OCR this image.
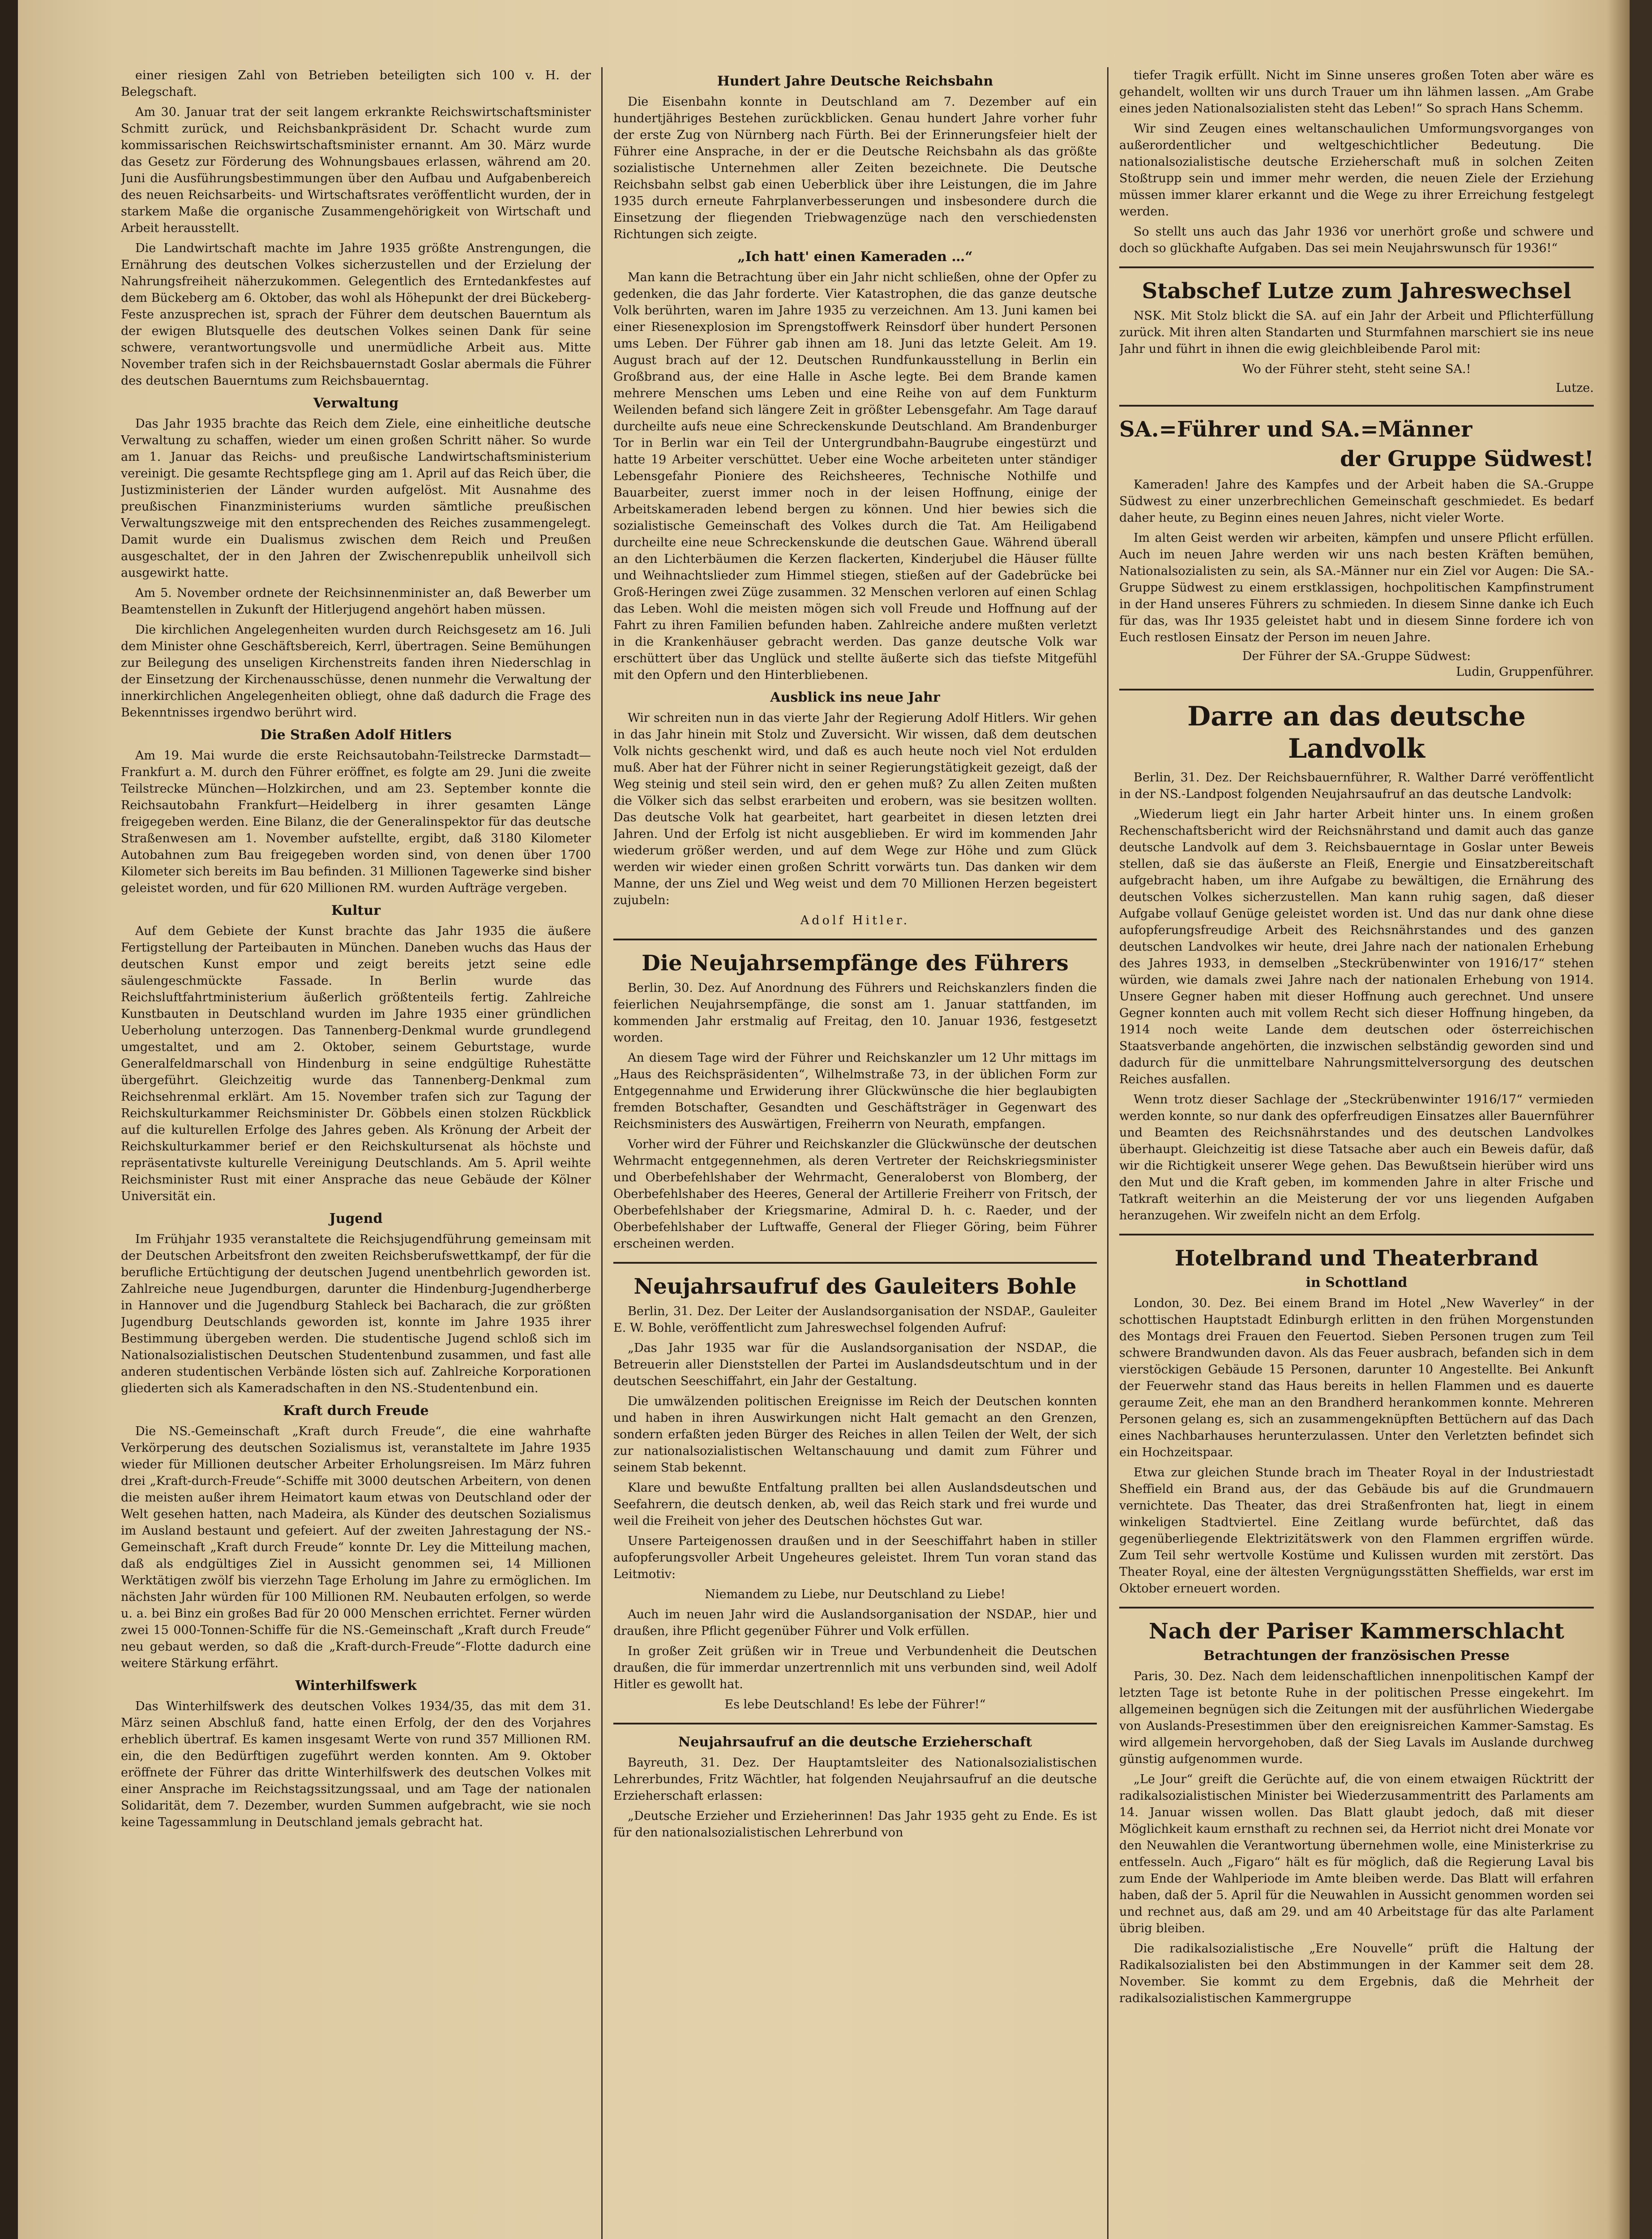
einer riesigen Zahl von Betrieben beteiligten sich 100 v. H. der Belegschaft.

Am 30. Januar trat der seit langem erkrankte Reichswirtschaftsminister Schmitt zurück, und Reichsbankpräsident Dr. Schacht wurde zum kommissarischen Reichswirtschaftsminister ernannt. Am 30. März wurde das Gesetz zur Förderung des Wohnungsbaues erlassen, während am 20. Juni die Ausführungsbestimmungen über den Aufbau und Aufgabenbereich des neuen Reichsarbeits- und Wirtschaftsrates veröffentlicht wurden, der in starkem Maße die organische Zusammengehörigkeit von Wirtschaft und Arbeit herausstellt.

Die Landwirtschaft machte im Jahre 1935 größte Anstrengungen, die Ernährung des deutschen Volkes sicherzustellen und der Erzielung der Nahrungsfreiheit näherzukommen. Gelegentlich des Erntedankfestes auf dem Bückeberg am 6. Oktober, das wohl als Höhepunkt der drei Bückeberg-Feste anzusprechen ist, sprach der Führer dem deutschen Bauerntum als der ewigen Blutsquelle des deutschen Volkes seinen Dank für seine schwere, verantwortungsvolle und unermüdliche Arbeit aus. Mitte November trafen sich in der Reichsbauernstadt Goslar abermals die Führer des deutschen Bauerntums zum Reichsbauerntag.

Verwaltung

Das Jahr 1935 brachte das Reich dem Ziele, eine einheitliche deutsche Verwaltung zu schaffen, wieder um einen großen Schritt näher. So wurde am 1. Januar das Reichs- und preußische Landwirtschaftsministerium vereinigt. Die gesamte Rechtspflege ging am 1. April auf das Reich über, die Justizministerien der Länder wurden aufgelöst. Mit Ausnahme des preußischen Finanzministeriums wurden sämtliche preußischen Verwaltungszweige mit den entsprechenden des Reiches zusammengelegt. Damit wurde ein Dualismus zwischen dem Reich und Preußen ausgeschaltet, der in den Jahren der Zwischenrepublik unheilvoll sich ausgewirkt hatte.

Am 5. November ordnete der Reichsinnenminister an, daß Bewerber um Beamtenstellen in Zukunft der Hitlerjugend angehört haben müssen.

Die kirchlichen Angelegenheiten wurden durch Reichsgesetz am 16. Juli dem Minister ohne Geschäftsbereich, Kerrl, übertragen. Seine Bemühungen zur Beilegung des unseligen Kirchenstreits fanden ihren Niederschlag in der Einsetzung der Kirchenausschüsse, denen nunmehr die Verwaltung der innerkirchlichen Angelegenheiten obliegt, ohne daß dadurch die Frage des Bekenntnisses irgendwo berührt wird.

Die Straßen Adolf Hitlers

Am 19. Mai wurde die erste Reichsautobahn-Teilstrecke Darmstadt—Frankfurt a. M. durch den Führer eröffnet, es folgte am 29. Juni die zweite Teilstrecke München—Holzkirchen, und am 23. September konnte die Reichsautobahn Frankfurt—Heidelberg in ihrer gesamten Länge freigegeben werden. Eine Bilanz, die der Generalinspektor für das deutsche Straßenwesen am 1. November aufstellte, ergibt, daß 3180 Kilometer Autobahnen zum Bau freigegeben worden sind, von denen über 1700 Kilometer sich bereits im Bau befinden. 31 Millionen Tagewerke sind bisher geleistet worden, und für 620 Millionen RM. wurden Aufträge vergeben.

Kultur

Auf dem Gebiete der Kunst brachte das Jahr 1935 die äußere Fertigstellung der Parteibauten in München. Daneben wuchs das Haus der deutschen Kunst empor und zeigt bereits jetzt seine edle säulengeschmückte Fassade. In Berlin wurde das Reichsluftfahrtministerium äußerlich größtenteils fertig. Zahlreiche Kunstbauten in Deutschland wurden im Jahre 1935 einer gründlichen Ueberholung unterzogen. Das Tannenberg-Denkmal wurde grundlegend umgestaltet, und am 2. Oktober, seinem Geburtstage, wurde Generalfeldmarschall von Hindenburg in seine endgültige Ruhestätte übergeführt. Gleichzeitig wurde das Tannenberg-Denkmal zum Reichsehrenmal erklärt. Am 15. November trafen sich zur Tagung der Reichskulturkammer Reichsminister Dr. Göbbels einen stolzen Rückblick auf die kulturellen Erfolge des Jahres geben. Als Krönung der Arbeit der Reichskulturkammer berief er den Reichskultursenat als höchste und repräsentativste kulturelle Vereinigung Deutschlands. Am 5. April weihte Reichsminister Rust mit einer Ansprache das neue Gebäude der Kölner Universität ein.

Jugend

Im Frühjahr 1935 veranstaltete die Reichsjugendführung gemeinsam mit der Deutschen Arbeitsfront den zweiten Reichsberufswettkampf, der für die berufliche Ertüchtigung der deutschen Jugend unentbehrlich geworden ist. Zahlreiche neue Jugendburgen, darunter die Hindenburg-Jugendherberge in Hannover und die Jugendburg Stahleck bei Bacharach, die zur größten Jugendburg Deutschlands geworden ist, konnte im Jahre 1935 ihrer Bestimmung übergeben werden. Die studentische Jugend schloß sich im Nationalsozialistischen Deutschen Studentenbund zusammen, und fast alle anderen studentischen Verbände lösten sich auf. Zahlreiche Korporationen gliederten sich als Kameradschaften in den NS.-Studentenbund ein.

Kraft durch Freude

Die NS.-Gemeinschaft „Kraft durch Freude“, die eine wahrhafte Verkörperung des deutschen Sozialismus ist, veranstaltete im Jahre 1935 wieder für Millionen deutscher Arbeiter Erholungsreisen. Im März fuhren drei „Kraft-durch-Freude“-Schiffe mit 3000 deutschen Arbeitern, von denen die meisten außer ihrem Heimatort kaum etwas von Deutschland oder der Welt gesehen hatten, nach Madeira, als Künder des deutschen Sozialismus im Ausland bestaunt und gefeiert. Auf der zweiten Jahrestagung der NS.-Gemeinschaft „Kraft durch Freude“ konnte Dr. Ley die Mitteilung machen, daß als endgültiges Ziel in Aussicht genommen sei, 14 Millionen Werktätigen zwölf bis vierzehn Tage Erholung im Jahre zu ermöglichen. Im nächsten Jahr würden für 100 Millionen RM. Neubauten erfolgen, so werde u. a. bei Binz ein großes Bad für 20 000 Menschen errichtet. Ferner würden zwei 15 000-Tonnen-Schiffe für die NS.-Gemeinschaft „Kraft durch Freude“ neu gebaut werden, so daß die „Kraft-durch-Freude“-Flotte dadurch eine weitere Stärkung erfährt.

Winterhilfswerk

Das Winterhilfswerk des deutschen Volkes 1934/35, das mit dem 31. März seinen Abschluß fand, hatte einen Erfolg, der den des Vorjahres erheblich übertraf. Es kamen insgesamt Werte von rund 357 Millionen RM. ein, die den Bedürftigen zugeführt werden konnten. Am 9. Oktober eröffnete der Führer das dritte Winterhilfswerk des deutschen Volkes mit einer Ansprache im Reichstagssitzungssaal, und am Tage der nationalen Solidarität, dem 7. Dezember, wurden Summen aufgebracht, wie sie noch keine Tagessammlung in Deutschland jemals gebracht hat.

Hundert Jahre Deutsche Reichsbahn

Die Eisenbahn konnte in Deutschland am 7. Dezember auf ein hundertjähriges Bestehen zurückblicken. Genau hundert Jahre vorher fuhr der erste Zug von Nürnberg nach Fürth. Bei der Erinnerungsfeier hielt der Führer eine Ansprache, in der er die Deutsche Reichsbahn als das größte sozialistische Unternehmen aller Zeiten bezeichnete. Die Deutsche Reichsbahn selbst gab einen Ueberblick über ihre Leistungen, die im Jahre 1935 durch erneute Fahrplanverbesserungen und insbesondere durch die Einsetzung der fliegenden Triebwagenzüge nach den verschiedensten Richtungen sich zeigte.

„Ich hatt' einen Kameraden …“

Man kann die Betrachtung über ein Jahr nicht schließen, ohne der Opfer zu gedenken, die das Jahr forderte. Vier Katastrophen, die das ganze deutsche Volk berührten, waren im Jahre 1935 zu verzeichnen. Am 13. Juni kamen bei einer Riesenexplosion im Sprengstoffwerk Reinsdorf über hundert Personen ums Leben. Der Führer gab ihnen am 18. Juni das letzte Geleit. Am 19. August brach auf der 12. Deutschen Rundfunkausstellung in Berlin ein Großbrand aus, der eine Halle in Asche legte. Bei dem Brande kamen mehrere Menschen ums Leben und eine Reihe von auf dem Funkturm Weilenden befand sich längere Zeit in größter Lebensgefahr. Am Tage darauf durcheilte aufs neue eine Schreckenskunde Deutschland. Am Brandenburger Tor in Berlin war ein Teil der Untergrundbahn-Baugrube eingestürzt und hatte 19 Arbeiter verschüttet. Ueber eine Woche arbeiteten unter ständiger Lebensgefahr Pioniere des Reichsheeres, Technische Nothilfe und Bauarbeiter, zuerst immer noch in der leisen Hoffnung, einige der Arbeitskameraden lebend bergen zu können. Und hier bewies sich die sozialistische Gemeinschaft des Volkes durch die Tat. Am Heiligabend durcheilte eine neue Schreckenskunde die deutschen Gaue. Während überall an den Lichterbäumen die Kerzen flackerten, Kinderjubel die Häuser füllte und Weihnachtslieder zum Himmel stiegen, stießen auf der Gadebrücke bei Groß-Heringen zwei Züge zusammen. 32 Menschen verloren auf einen Schlag das Leben. Wohl die meisten mögen sich voll Freude und Hoffnung auf der Fahrt zu ihren Familien befunden haben. Zahlreiche andere mußten verletzt in die Krankenhäuser gebracht werden. Das ganze deutsche Volk war erschüttert über das Unglück und stellte äußerte sich das tiefste Mitgefühl mit den Opfern und den Hinterbliebenen.

Ausblick ins neue Jahr

Wir schreiten nun in das vierte Jahr der Regierung Adolf Hitlers. Wir gehen in das Jahr hinein mit Stolz und Zuversicht. Wir wissen, daß dem deutschen Volk nichts geschenkt wird, und daß es auch heute noch viel Not erdulden muß. Aber hat der Führer nicht in seiner Regierungstätigkeit gezeigt, daß der Weg steinig und steil sein wird, den er gehen muß? Zu allen Zeiten mußten die Völker sich das selbst erarbeiten und erobern, was sie besitzen wollten. Das deutsche Volk hat gearbeitet, hart gearbeitet in diesen letzten drei Jahren. Und der Erfolg ist nicht ausgeblieben. Er wird im kommenden Jahr wiederum größer werden, und auf dem Wege zur Höhe und zum Glück werden wir wieder einen großen Schritt vorwärts tun. Das danken wir dem Manne, der uns Ziel und Weg weist und dem 70 Millionen Herzen begeistert zujubeln:

Adolf Hitler.

Die Neujahrsempfänge des Führers

Berlin, 30. Dez. Auf Anordnung des Führers und Reichskanzlers finden die feierlichen Neujahrsempfänge, die sonst am 1. Januar stattfanden, im kommenden Jahr erstmalig auf Freitag, den 10. Januar 1936, festgesetzt worden.

An diesem Tage wird der Führer und Reichskanzler um 12 Uhr mittags im „Haus des Reichspräsidenten“, Wilhelmstraße 73, in der üblichen Form zur Entgegennahme und Erwiderung ihrer Glückwünsche die hier beglaubigten fremden Botschafter, Gesandten und Geschäftsträger in Gegenwart des Reichsministers des Auswärtigen, Freiherrn von Neurath, empfangen.

Vorher wird der Führer und Reichskanzler die Glückwünsche der deutschen Wehrmacht entgegennehmen, als deren Vertreter der Reichskriegsminister und Oberbefehlshaber der Wehrmacht, Generaloberst von Blomberg, der Oberbefehlshaber des Heeres, General der Artillerie Freiherr von Fritsch, der Oberbefehlshaber der Kriegsmarine, Admiral D. h. c. Raeder, und der Oberbefehlshaber der Luftwaffe, General der Flieger Göring, beim Führer erscheinen werden.

Neujahrsaufruf des Gauleiters Bohle

Berlin, 31. Dez. Der Leiter der Auslandsorganisation der NSDAP., Gauleiter E. W. Bohle, veröffentlicht zum Jahreswechsel folgenden Aufruf:

„Das Jahr 1935 war für die Auslandsorganisation der NSDAP., die Betreuerin aller Dienststellen der Partei im Auslandsdeutschtum und in der deutschen Seeschiffahrt, ein Jahr der Gestaltung.

Die umwälzenden politischen Ereignisse im Reich der Deutschen konnten und haben in ihren Auswirkungen nicht Halt gemacht an den Grenzen, sondern erfaßten jeden Bürger des Reiches in allen Teilen der Welt, der sich zur nationalsozialistischen Weltanschauung und damit zum Führer und seinem Stab bekennt.

Klare und bewußte Entfaltung prallten bei allen Auslandsdeutschen und Seefahrern, die deutsch denken, ab, weil das Reich stark und frei wurde und weil die Freiheit von jeher des Deutschen höchstes Gut war.

Unsere Parteigenossen draußen und in der Seeschiffahrt haben in stiller aufopferungsvoller Arbeit Ungeheures geleistet. Ihrem Tun voran stand das Leitmotiv:

Niemandem zu Liebe, nur Deutschland zu Liebe!

Auch im neuen Jahr wird die Auslandsorganisation der NSDAP., hier und draußen, ihre Pflicht gegenüber Führer und Volk erfüllen.

In großer Zeit grüßen wir in Treue und Verbundenheit die Deutschen draußen, die für immerdar unzertrennlich mit uns verbunden sind, weil Adolf Hitler es gewollt hat.

Es lebe Deutschland! Es lebe der Führer!“

Neujahrsaufruf an die deutsche Erzieherschaft

Bayreuth, 31. Dez. Der Hauptamtsleiter des Nationalsozialistischen Lehrerbundes, Fritz Wächtler, hat folgenden Neujahrsaufruf an die deutsche Erzieherschaft erlassen:

„Deutsche Erzieher und Erzieherinnen! Das Jahr 1935 geht zu Ende. Es ist für den nationalsozialistischen Lehrerbund von

tiefer Tragik erfüllt. Nicht im Sinne unseres großen Toten aber wäre es gehandelt, wollten wir uns durch Trauer um ihn lähmen lassen. „Am Grabe eines jeden Nationalsozialisten steht das Leben!“ So sprach Hans Schemm.

Wir sind Zeugen eines weltanschaulichen Umformungsvorganges von außerordentlicher und weltgeschichtlicher Bedeutung. Die nationalsozialistische deutsche Erzieherschaft muß in solchen Zeiten Stoßtrupp sein und immer mehr werden, die neuen Ziele der Erziehung müssen immer klarer erkannt und die Wege zu ihrer Erreichung festgelegt werden.

So stellt uns auch das Jahr 1936 vor unerhört große und schwere und doch so glückhafte Aufgaben. Das sei mein Neujahrswunsch für 1936!“

Stabschef Lutze zum Jahreswechsel

NSK. Mit Stolz blickt die SA. auf ein Jahr der Arbeit und Pflichterfüllung zurück. Mit ihren alten Standarten und Sturmfahnen marschiert sie ins neue Jahr und führt in ihnen die ewig gleichbleibende Parol mit:

Wo der Führer steht, steht seine SA.!

Lutze.
SA.=Führer und SA.=Männer
der Gruppe Südwest!

Kameraden! Jahre des Kampfes und der Arbeit haben die SA.-Gruppe Südwest zu einer unzerbrechlichen Gemeinschaft geschmiedet. Es bedarf daher heute, zu Beginn eines neuen Jahres, nicht vieler Worte.

Im alten Geist werden wir arbeiten, kämpfen und unsere Pflicht erfüllen. Auch im neuen Jahre werden wir uns nach besten Kräften bemühen, Nationalsozialisten zu sein, als SA.-Männer nur ein Ziel vor Augen: Die SA.-Gruppe Südwest zu einem erstklassigen, hochpolitischen Kampfinstrument in der Hand unseres Führers zu schmieden. In diesem Sinne danke ich Euch für das, was Ihr 1935 geleistet habt und in diesem Sinne fordere ich von Euch restlosen Einsatz der Person im neuen Jahre.

Der Führer der SA.-Gruppe Südwest:
Ludin, Gruppenführer.
Darre an das deutsche Landvolk

Berlin, 31. Dez. Der Reichsbauernführer, R. Walther Darré veröffentlicht in der NS.-Landpost folgenden Neujahrsaufruf an das deutsche Landvolk:

„Wiederum liegt ein Jahr harter Arbeit hinter uns. In einem großen Rechenschaftsbericht wird der Reichsnährstand und damit auch das ganze deutsche Landvolk auf dem 3. Reichsbauerntage in Goslar unter Beweis stellen, daß sie das äußerste an Fleiß, Energie und Einsatzbereitschaft aufgebracht haben, um ihre Aufgabe zu bewältigen, die Ernährung des deutschen Volkes sicherzustellen. Man kann ruhig sagen, daß dieser Aufgabe vollauf Genüge geleistet worden ist. Und das nur dank ohne diese aufopferungsfreudige Arbeit des Reichsnährstandes und des ganzen deutschen Landvolkes wir heute, drei Jahre nach der nationalen Erhebung des Jahres 1933, in demselben „Steckrübenwinter von 1916/17“ stehen würden, wie damals zwei Jahre nach der nationalen Erhebung von 1914. Unsere Gegner haben mit dieser Hoffnung auch gerechnet. Und unsere Gegner konnten auch mit vollem Recht sich dieser Hoffnung hingeben, da 1914 noch weite Lande dem deutschen oder österreichischen Staatsverbande angehörten, die inzwischen selbständig geworden sind und dadurch für die unmittelbare Nahrungsmittelversorgung des deutschen Reiches ausfallen.

Wenn trotz dieser Sachlage der „Steckrübenwinter 1916/17“ vermieden werden konnte, so nur dank des opferfreudigen Einsatzes aller Bauernführer und Beamten des Reichsnährstandes und des deutschen Landvolkes überhaupt. Gleichzeitig ist diese Tatsache aber auch ein Beweis dafür, daß wir die Richtigkeit unserer Wege gehen. Das Bewußtsein hierüber wird uns den Mut und die Kraft geben, im kommenden Jahre in alter Frische und Tatkraft weiterhin an die Meisterung der vor uns liegenden Aufgaben heranzugehen. Wir zweifeln nicht an dem Erfolg.

Hotelbrand und Theaterbrand
in Schottland

London, 30. Dez. Bei einem Brand im Hotel „New Waverley“ in der schottischen Hauptstadt Edinburgh erlitten in den frühen Morgenstunden des Montags drei Frauen den Feuertod. Sieben Personen trugen zum Teil schwere Brandwunden davon. Als das Feuer ausbrach, befanden sich in dem vierstöckigen Gebäude 15 Personen, darunter 10 Angestellte. Bei Ankunft der Feuerwehr stand das Haus bereits in hellen Flammen und es dauerte geraume Zeit, ehe man an den Brandherd herankommen konnte. Mehreren Personen gelang es, sich an zusammengeknüpften Bettüchern auf das Dach eines Nachbarhauses herunterzulassen. Unter den Verletzten befindet sich ein Hochzeitspaar.

Etwa zur gleichen Stunde brach im Theater Royal in der Industriestadt Sheffield ein Brand aus, der das Gebäude bis auf die Grundmauern vernichtete. Das Theater, das drei Straßenfronten hat, liegt in einem winkeligen Stadtviertel. Eine Zeitlang wurde befürchtet, daß das gegenüberliegende Elektrizitätswerk von den Flammen ergriffen würde. Zum Teil sehr wertvolle Kostüme und Kulissen wurden mit zerstört. Das Theater Royal, eine der ältesten Vergnügungsstätten Sheffields, war erst im Oktober erneuert worden.

Nach der Pariser Kammerschlacht
Betrachtungen der französischen Presse

Paris, 30. Dez. Nach dem leidenschaftlichen innenpolitischen Kampf der letzten Tage ist betonte Ruhe in der politischen Presse eingekehrt. Im allgemeinen begnügen sich die Zeitungen mit der ausführlichen Wiedergabe von Auslands-Presestimmen über den ereignisreichen Kammer-Samstag. Es wird allgemein hervorgehoben, daß der Sieg Lavals im Auslande durchweg günstig aufgenommen wurde.

„Le Jour“ greift die Gerüchte auf, die von einem etwaigen Rücktritt der radikalsozialistischen Minister bei Wiederzusammentritt des Parlaments am 14. Januar wissen wollen. Das Blatt glaubt jedoch, daß mit dieser Möglichkeit kaum ernsthaft zu rechnen sei, da Herriot nicht drei Monate vor den Neuwahlen die Verantwortung übernehmen wolle, eine Ministerkrise zu entfesseln. Auch „Figaro“ hält es für möglich, daß die Regierung Laval bis zum Ende der Wahlperiode im Amte bleiben werde. Das Blatt will erfahren haben, daß der 5. April für die Neuwahlen in Aussicht genommen worden sei und rechnet aus, daß am 29. und am 40 Arbeitstage für das alte Parlament übrig bleiben.

Die radikalsozialistische „Ere Nouvelle“ prüft die Haltung der Radikalsozialisten bei den Abstimmungen in der Kammer seit dem 28. November. Sie kommt zu dem Ergebnis, daß die Mehrheit der radikalsozialistischen Kammergruppe
